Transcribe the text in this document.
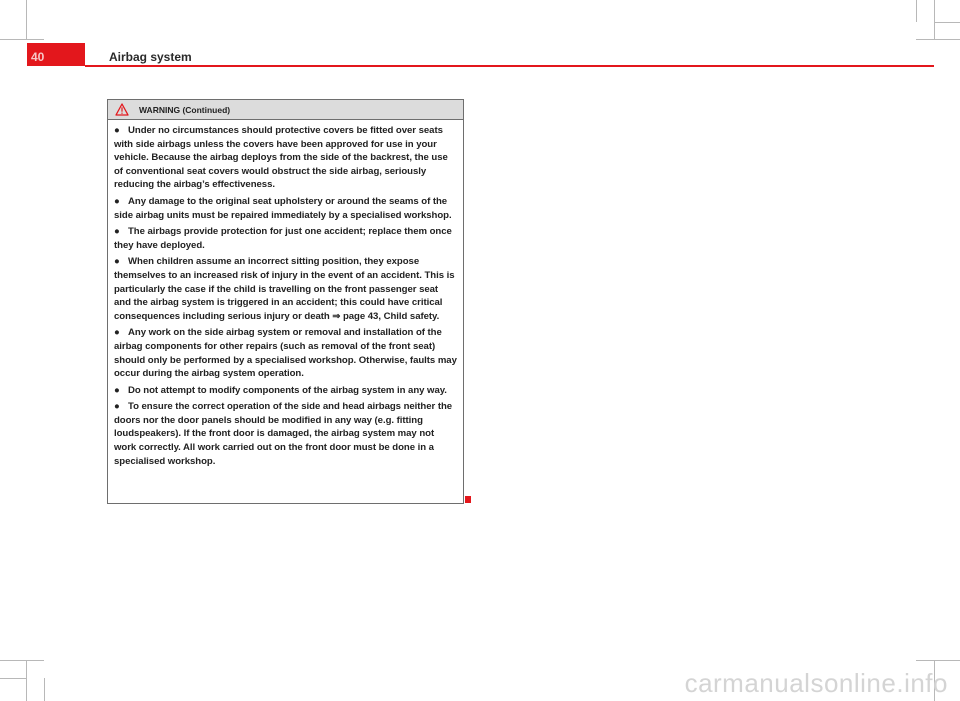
40	Airbag system
WARNING (Continued)

● Under no circumstances should protective covers be fitted over seats with side airbags unless the covers have been approved for use in your vehicle. Because the airbag deploys from the side of the backrest, the use of conventional seat covers would obstruct the side airbag, seriously reducing the airbag’s effectiveness.

● Any damage to the original seat upholstery or around the seams of the side airbag units must be repaired immediately by a specialised workshop.

● The airbags provide protection for just one accident; replace them once they have deployed.

● When children assume an incorrect sitting position, they expose themselves to an increased risk of injury in the event of an accident. This is particularly the case if the child is travelling on the front passenger seat and the airbag system is triggered in an accident; this could have critical consequences including serious injury or death ⇒ page 43, Child safety.

● Any work on the side airbag system or removal and installation of the airbag components for other repairs (such as removal of the front seat) should only be performed by a specialised workshop. Otherwise, faults may occur during the airbag system operation.

● Do not attempt to modify components of the airbag system in any way.

● To ensure the correct operation of the side and head airbags neither the doors nor the door panels should be modified in any way (e.g. fitting loudspeakers). If the front door is damaged, the airbag system may not work correctly. All work carried out on the front door must be done in a specialised workshop.

carmanualsonline.info
